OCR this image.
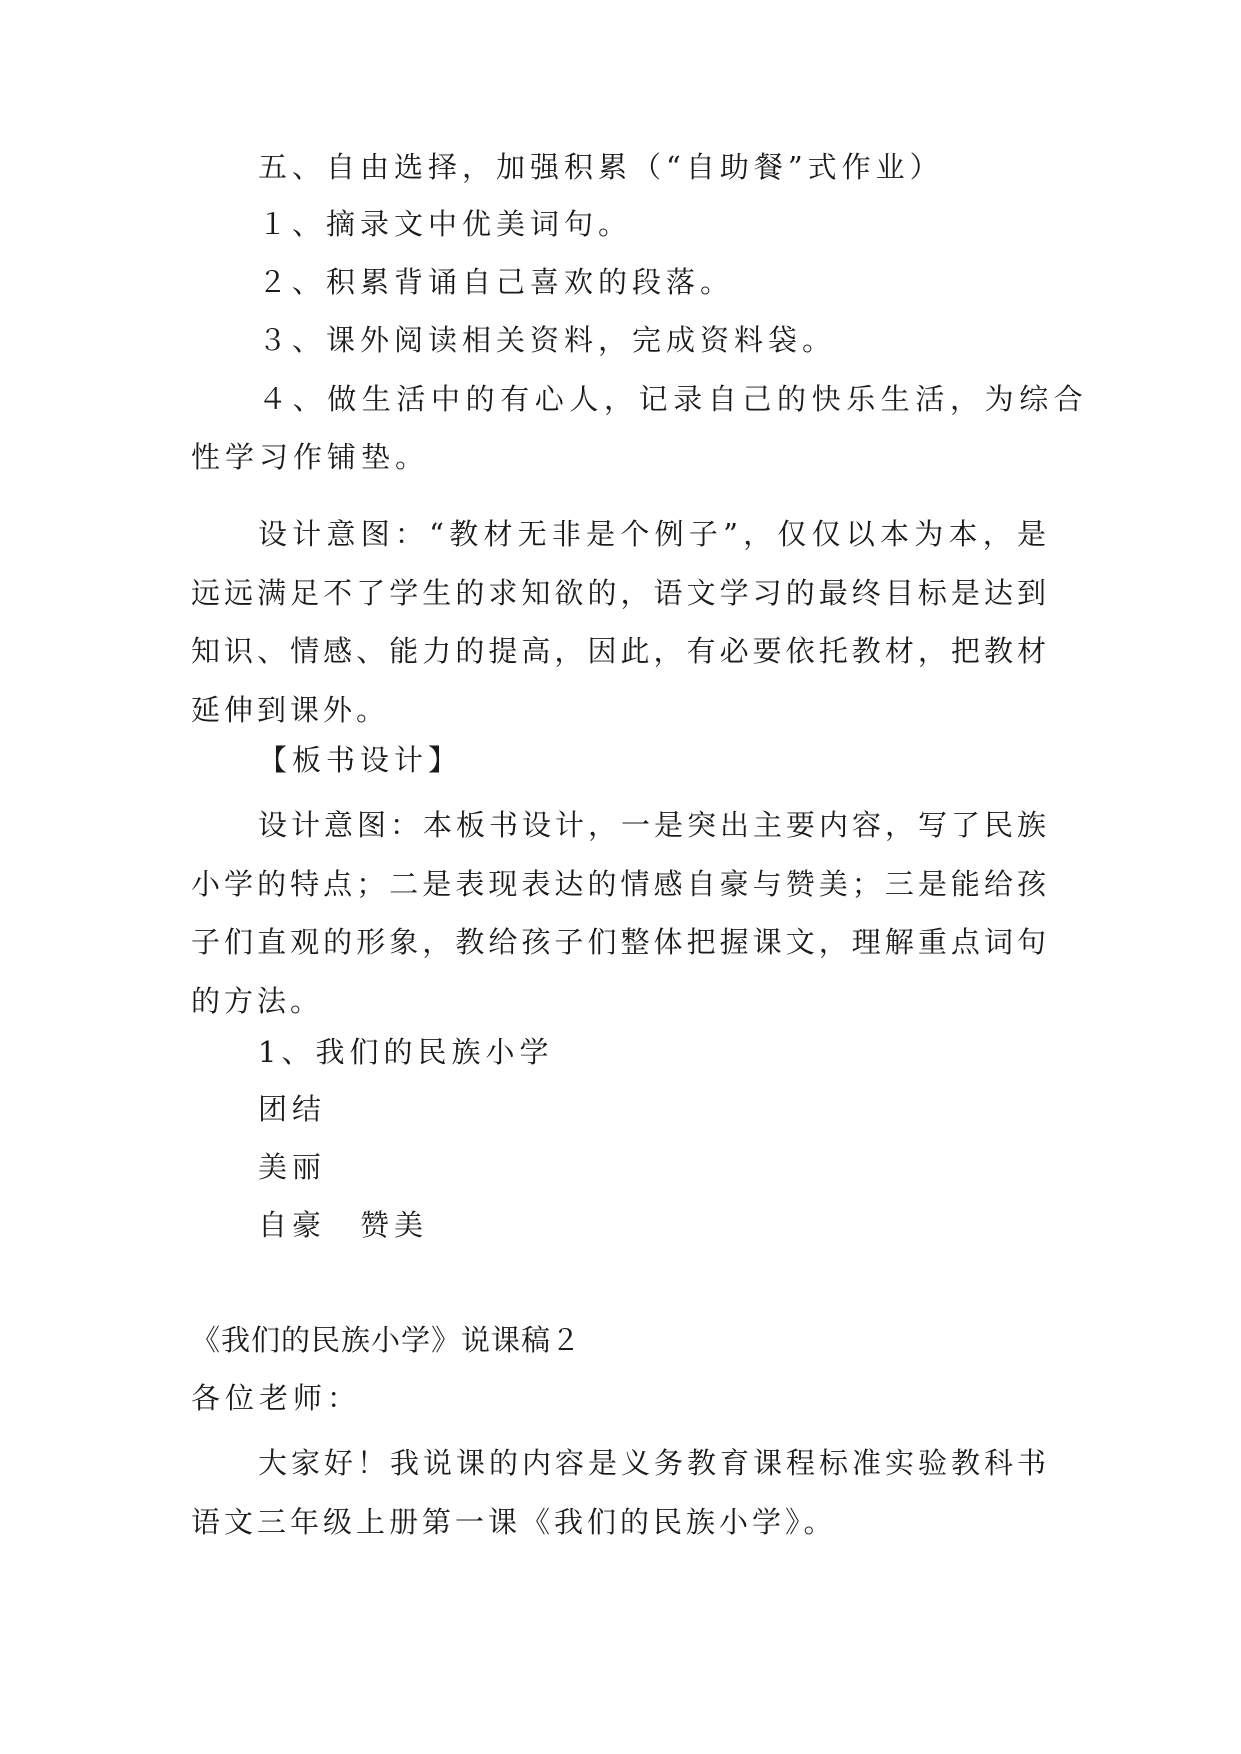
五、自由选择，加强积累（“自助餐”式作业）
１、摘录文中优美词句。
２、积累背诵自己喜欢的段落。
３、课外阅读相关资料，完成资料袋。
４、做生活中的有心人，记录自己的快乐生活，为综合
性学习作铺垫。
设计意图：“教材无非是个例子”，仅仅以本为本，是远远满足不了学生的求知欲的，语文学习的最终目标是达到知识、情感、能力的提高，因此，有必要依托教材，把教材延伸到课外。
【板书设计】
设计意图：本板书设计，一是突出主要内容，写了民族小学的特点；二是表现表达的情感自豪与赞美；三是能给孩子们直观的形象，教给孩子们整体把握课文，理解重点词句的方法。
1、我们的民族小学
团结
美丽
自豪　赞美
《我们的民族小学》说课稿２
各位老师：
大家好！我说课的内容是义务教育课程标准实验教科书语文三年级上册第一课《我们的民族小学》。
